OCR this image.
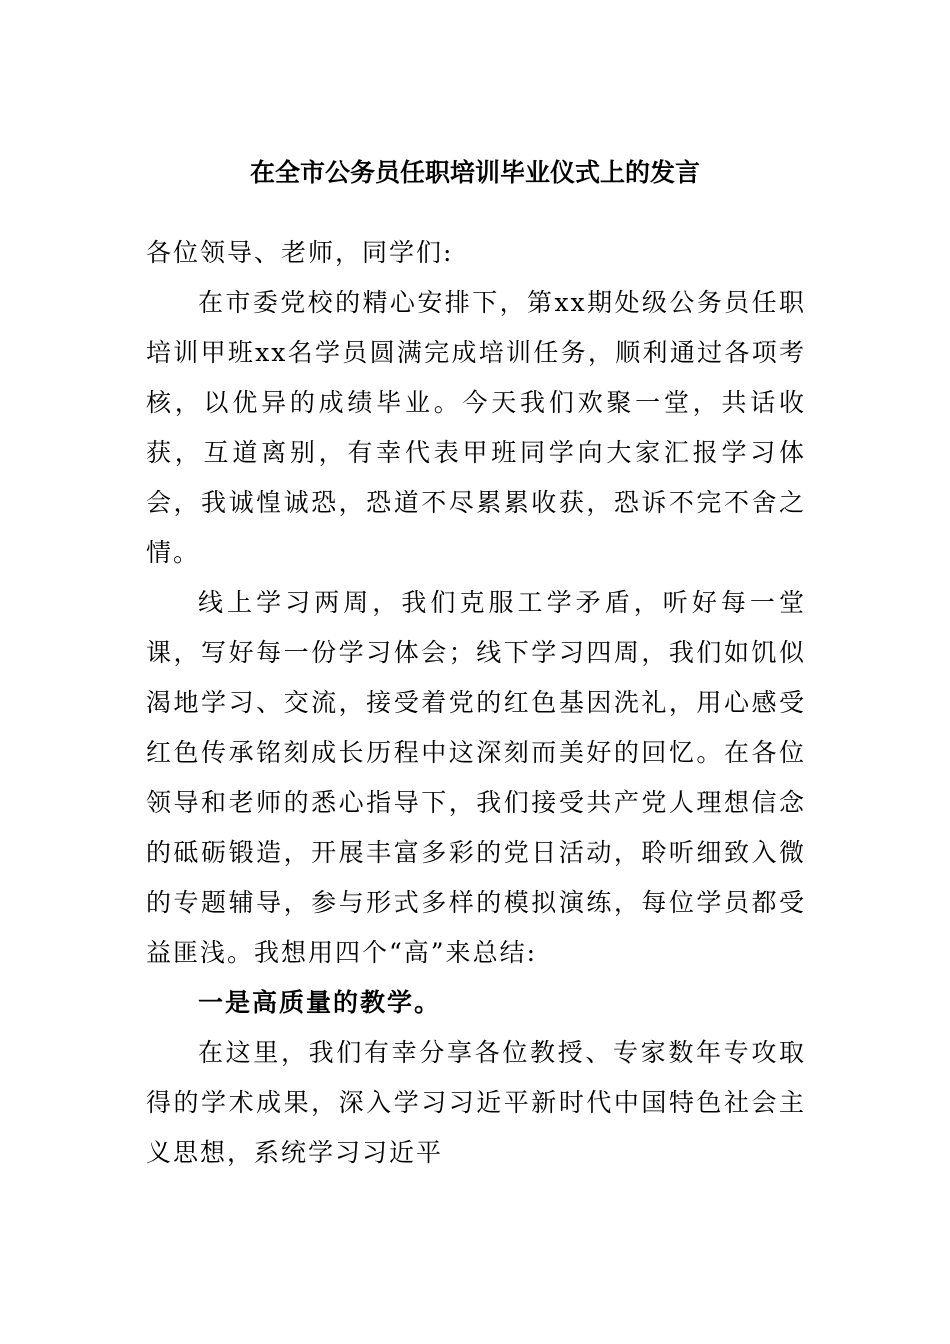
在全市公务员任职培训毕业仪式上的发言

各位领导、老师，同学们:

在市委党校的精心安排下，第xx期处级公务员任职培训甲班xx名学员圆满完成培训任务，顺利通过各项考核，以优异的成绩毕业。今天我们欢聚一堂，共话收获，互道离别，有幸代表甲班同学向大家汇报学习体会，我诚惶诚恐，恐道不尽累累收获，恐诉不完不舍之情。

线上学习两周，我们克服工学矛盾，听好每一堂课，写好每一份学习体会；线下学习四周，我们如饥似渴地学习、交流，接受着党的红色基因洗礼，用心感受红色传承铭刻成长历程中这深刻而美好的回忆。在各位领导和老师的悉心指导下，我们接受共产党人理想信念的砥砺锻造，开展丰富多彩的党日活动，聆听细致入微的专题辅导，参与形式多样的模拟演练，每位学员都受益匪浅。我想用四个“高”来总结:

一是高质量的教学。

在这里，我们有幸分享各位教授、专家数年专攻取得的学术成果，深入学习习近平新时代中国特色社会主义思想，系统学习习近平
